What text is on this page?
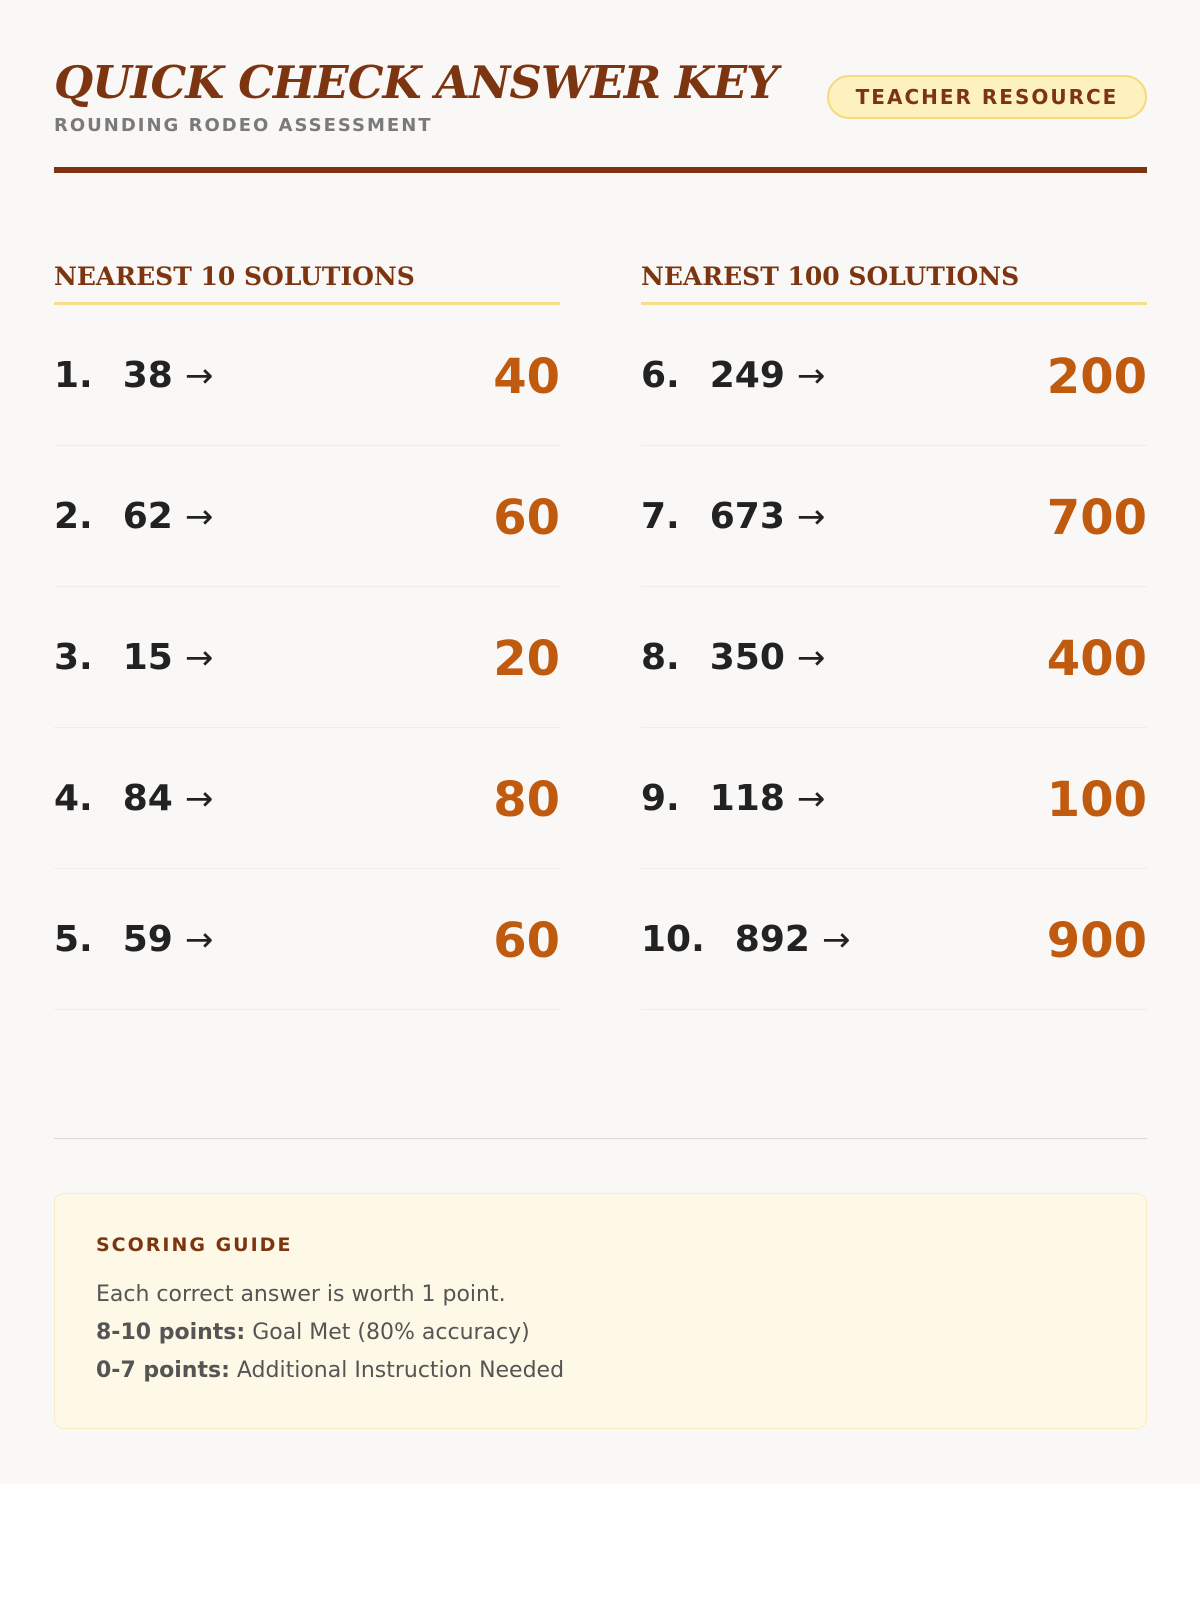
QUICK CHECK ANSWER KEY
ROUNDING RODEO ASSESSMENT
TEACHER RESOURCE
NEAREST 10 SOLUTIONS
1. 38 →	40
2. 62 →	60
3. 15 →	20
4. 84 →	80
5. 59 →	60
NEAREST 100 SOLUTIONS
6. 249 →	200
7. 673 →	700
8. 350 →	400
9. 118 →	100
10. 892 →	900
SCORING GUIDE
Each correct answer is worth 1 point.
8-10 points: Goal Met (80% accuracy)
0-7 points: Additional Instruction Needed
